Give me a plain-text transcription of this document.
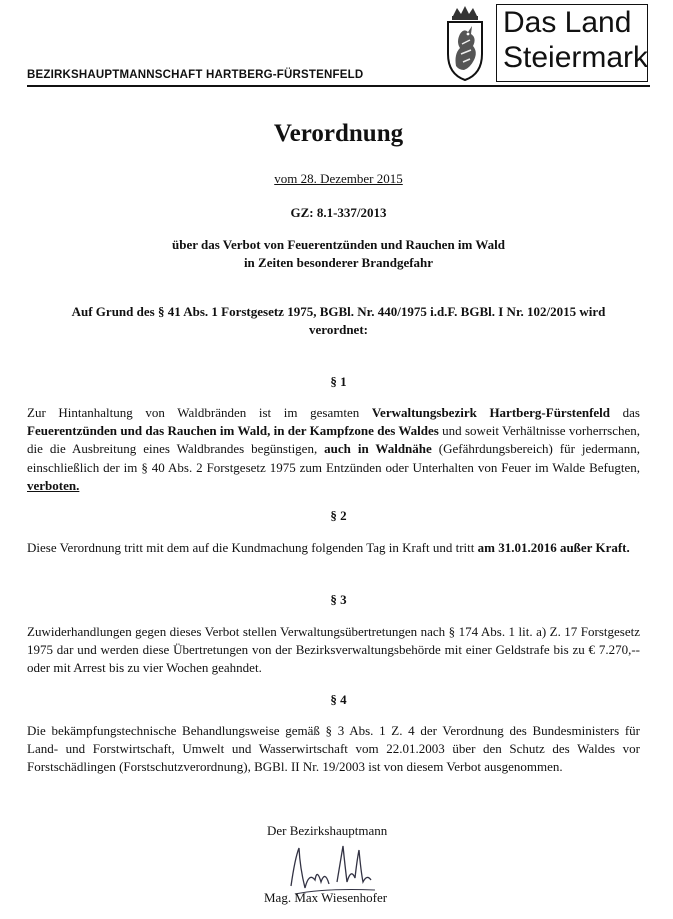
BEZIRKSHAUPTMANNSCHAFT HARTBERG-FÜRSTENFELD
Das Land
Steiermark
Verordnung
vom 28. Dezember 2015
GZ: 8.1-337/2013
über das Verbot von Feuerentzünden und Rauchen im Wald
in Zeiten besonderer Brandgefahr
Auf Grund des § 41 Abs. 1 Forstgesetz 1975, BGBl. Nr. 440/1975 i.d.F. BGBl. I Nr. 102/2015 wird
verordnet:
§ 1
Zur Hintanhaltung von Waldbränden ist im gesamten Verwaltungsbezirk Hartberg-Fürstenfeld das Feuerentzünden und das Rauchen im Wald, in der Kampfzone des Waldes und soweit Verhältnisse vorherrschen, die die Ausbreitung eines Waldbrandes begünstigen, auch in Waldnähe (Gefährdungsbereich) für jedermann, einschließlich der im § 40 Abs. 2 Forstgesetz 1975 zum Entzünden oder Unterhalten von Feuer im Walde Befugten, verboten.
§ 2
Diese Verordnung tritt mit dem auf die Kundmachung folgenden Tag in Kraft und tritt am 31.01.2016 außer Kraft.
§ 3
Zuwiderhandlungen gegen dieses Verbot stellen Verwaltungsübertretungen nach § 174 Abs. 1 lit. a) Z. 17 Forstgesetz 1975 dar und werden diese Übertretungen von der Bezirksverwaltungsbehörde mit einer Geldstrafe bis zu € 7.270,-- oder mit Arrest bis zu vier Wochen geahndet.
§ 4
Die bekämpfungstechnische Behandlungsweise gemäß § 3 Abs. 1 Z. 4 der Verordnung des Bundesministers für Land- und Forstwirtschaft, Umwelt und Wasserwirtschaft vom 22.01.2003 über den Schutz des Waldes vor Forstschädlingen (Forstschutzverordnung), BGBl. II Nr. 19/2003 ist von diesem Verbot ausgenommen.
Der Bezirkshauptmann
Mag. Max Wiesenhofer
